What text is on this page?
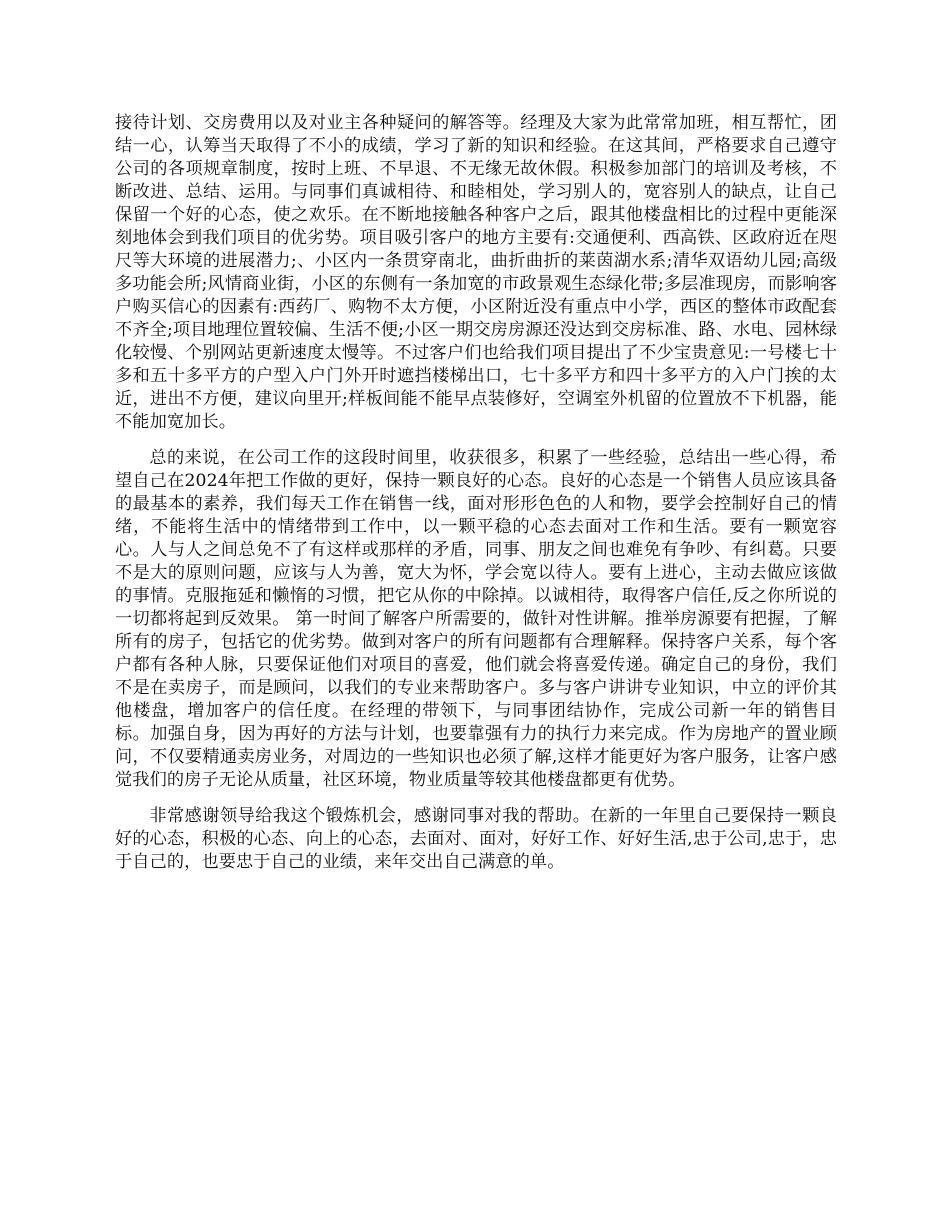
接待计划、交房费用以及对业主各种疑问的解答等。经理及大家为此常常加班，相互帮忙，团结一心，认筹当天取得了不小的成绩，学习了新的知识和经验。在这其间，严格要求自己遵守公司的各项规章制度，按时上班、不早退、不无缘无故休假。积极参加部门的培训及考核，不断改进、总结、运用。与同事们真诚相待、和睦相处，学习别人的，宽容别人的缺点，让自己保留一个好的心态，使之欢乐。在不断地接触各种客户之后，跟其他楼盘相比的过程中更能深刻地体会到我们项目的优劣势。项目吸引客户的地方主要有:交通便利、西高铁、区政府近在咫尺等大环境的进展潜力;、小区内一条贯穿南北，曲折曲折的莱茵湖水系;清华双语幼儿园;高级多功能会所;风情商业街，小区的东侧有一条加宽的市政景观生态绿化带;多层准现房，而影响客户购买信心的因素有:西药厂、购物不太方便，小区附近没有重点中小学，西区的整体市政配套不齐全;项目地理位置较偏、生活不便;小区一期交房房源还没达到交房标准、路、水电、园林绿化较慢、个别网站更新速度太慢等。不过客户们也给我们项目提出了不少宝贵意见:一号楼七十多和五十多平方的户型入户门外开时遮挡楼梯出口，七十多平方和四十多平方的入户门挨的太近，进出不方便，建议向里开;样板间能不能早点装修好，空调室外机留的位置放不下机器，能不能加宽加长。

总的来说，在公司工作的这段时间里，收获很多，积累了一些经验，总结出一些心得，希望自己在2024年把工作做的更好，保持一颗良好的心态。良好的心态是一个销售人员应该具备的最基本的素养，我们每天工作在销售一线，面对形形色色的人和物，要学会控制好自己的情绪，不能将生活中的情绪带到工作中，以一颗平稳的心态去面对工作和生活。要有一颗宽容心。人与人之间总免不了有这样或那样的矛盾，同事、朋友之间也难免有争吵、有纠葛。只要不是大的原则问题，应该与人为善，宽大为怀，学会宽以待人。要有上进心，主动去做应该做的事情。克服拖延和懒惰的习惯，把它从你的中除掉。以诚相待，取得客户信任,反之你所说的一切都将起到反效果。 第一时间了解客户所需要的，做针对性讲解。推举房源要有把握，了解所有的房子，包括它的优劣势。做到对客户的所有问题都有合理解释。保持客户关系，每个客户都有各种人脉，只要保证他们对项目的喜爱，他们就会将喜爱传递。确定自己的身份，我们不是在卖房子，而是顾问，以我们的专业来帮助客户。多与客户讲讲专业知识，中立的评价其他楼盘，增加客户的信任度。在经理的带领下，与同事团结协作，完成公司新一年的销售目标。加强自身，因为再好的方法与计划，也要靠强有力的执行力来完成。作为房地产的置业顾问，不仅要精通卖房业务，对周边的一些知识也必须了解,这样才能更好为客户服务，让客户感觉我们的房子无论从质量，社区环境，物业质量等较其他楼盘都更有优势。

非常感谢领导给我这个锻炼机会，感谢同事对我的帮助。在新的一年里自己要保持一颗良好的心态，积极的心态、向上的心态，去面对、面对，好好工作、好好生活,忠于公司,忠于，忠于自己的，也要忠于自己的业绩，来年交出自己满意的单。
